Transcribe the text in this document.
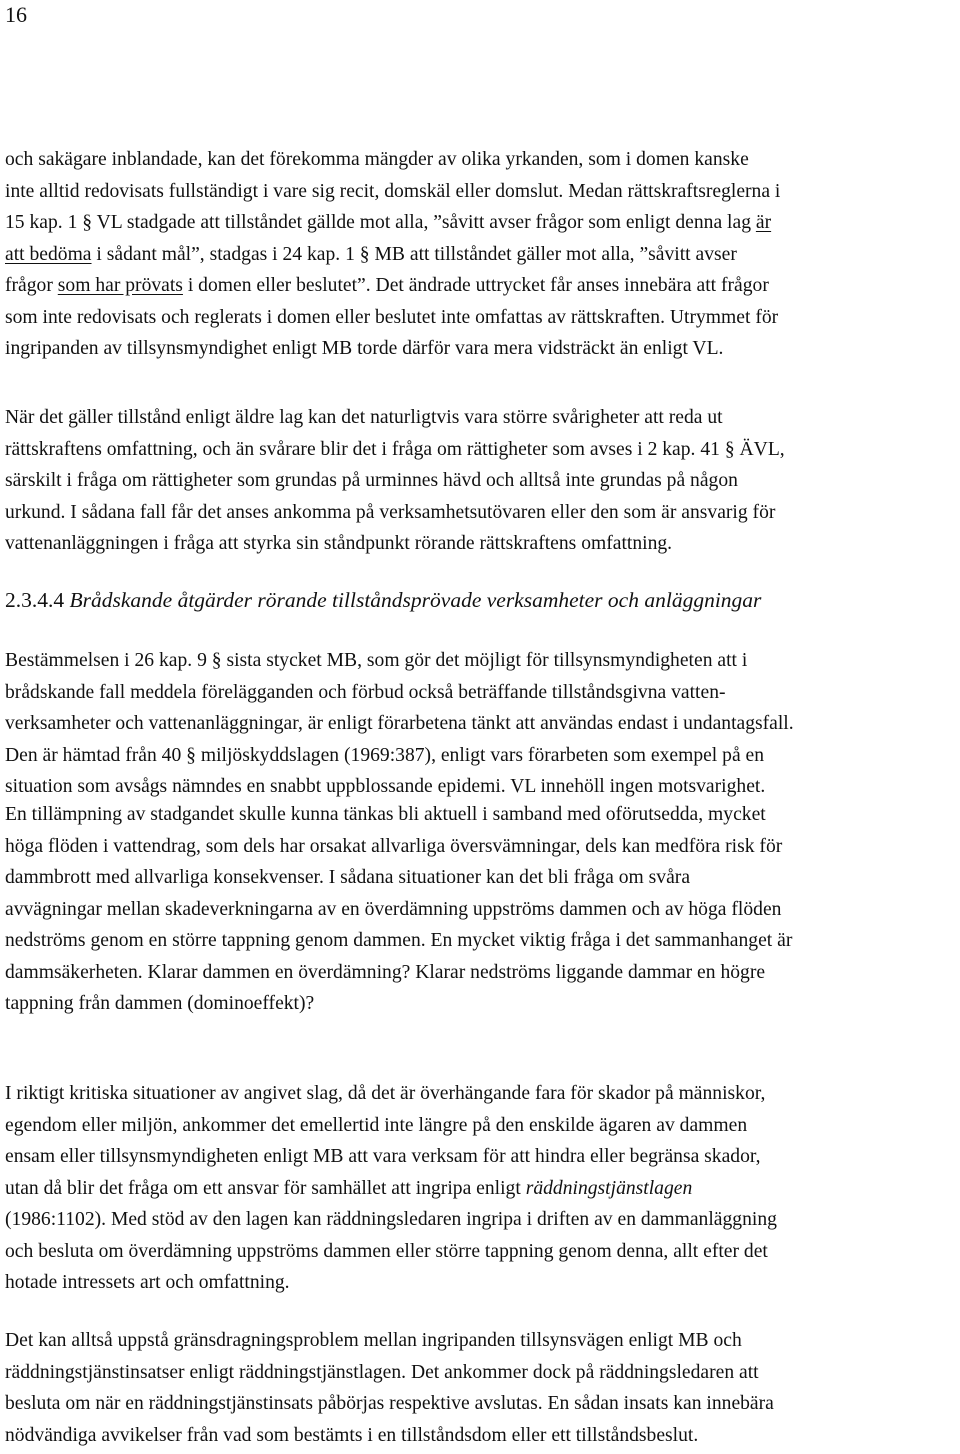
16
och sakägare inblandade, kan det förekomma mängder av olika yrkanden, som i domen kanske
inte alltid redovisats fullständigt i vare sig recit, domskäl eller domslut. Medan rättskraftsreglerna i
15 kap. 1 § VL stadgade att tillståndet gällde mot alla, ”såvitt avser frågor som enligt denna lag är
att bedöma i sådant mål”, stadgas i 24 kap. 1 § MB att tillståndet gäller mot alla, ”såvitt avser
frågor som har prövats i domen eller beslutet”. Det ändrade uttrycket får anses innebära att frågor
som inte redovisats och reglerats i domen eller beslutet inte omfattas av rättskraften. Utrymmet för
ingripanden av tillsynsmyndighet enligt MB torde därför vara mera vidsträckt än enligt VL.
När det gäller tillstånd enligt äldre lag kan det naturligtvis vara större svårigheter att reda ut
rättskraftens omfattning, och än svårare blir det i fråga om rättigheter som avses i 2 kap. 41 § ÄVL,
särskilt i fråga om rättigheter som grundas på urminnes hävd och alltså inte grundas på någon
urkund. I sådana fall får det anses ankomma på verksamhetsutövaren eller den som är ansvarig för
vattenanläggningen i fråga att styrka sin ståndpunkt rörande rättskraftens omfattning.
2.3.4.4 Brådskande åtgärder rörande tillståndsprövade verksamheter och anläggningar
Bestämmelsen i 26 kap. 9 § sista stycket MB, som gör det möjligt för tillsynsmyndigheten att i
brådskande fall meddela förelägganden och förbud också beträffande tillståndsgivna vatten-
verksamheter och vattenanläggningar, är enligt förarbetena tänkt att användas endast i undantagsfall.
Den är hämtad från 40 § miljöskyddslagen (1969:387), enligt vars förarbeten som exempel på en
situation som avsågs nämndes en snabbt uppblossande epidemi. VL innehöll ingen motsvarighet.
En tillämpning av stadgandet skulle kunna tänkas bli aktuell i samband med oförutsedda, mycket
höga flöden i vattendrag, som dels har orsakat allvarliga översvämningar, dels kan medföra risk för
dammbrott med allvarliga konsekvenser. I sådana situationer kan det bli fråga om svåra
avvägningar mellan skadeverkningarna av en överdämning uppströms dammen och av höga flöden
nedströms genom en större tappning genom dammen. En mycket viktig fråga i det sammanhanget är
dammsäkerheten. Klarar dammen en överdämning? Klarar nedströms liggande dammar en högre
tappning från dammen (dominoeffekt)?
I riktigt kritiska situationer av angivet slag, då det är överhängande fara för skador på människor,
egendom eller miljön, ankommer det emellertid inte längre på den enskilde ägaren av dammen
ensam eller tillsynsmyndigheten enligt MB att vara verksam för att hindra eller begränsa skador,
utan då blir det fråga om ett ansvar för samhället att ingripa enligt räddningstjänstlagen
(1986:1102). Med stöd av den lagen kan räddningsledaren ingripa i driften av en dammanläggning
och besluta om överdämning uppströms dammen eller större tappning genom denna, allt efter det
hotade intressets art och omfattning.
Det kan alltså uppstå gränsdragningsproblem mellan ingripanden tillsynsvägen enligt MB och
räddningstjänstinsatser enligt räddningstjänstlagen. Det ankommer dock på räddningsledaren att
besluta om när en räddningstjänstinsats påbörjas respektive avslutas. En sådan insats kan innebära
nödvändiga avvikelser från vad som bestämts i en tillståndsdom eller ett tillståndsbeslut.
